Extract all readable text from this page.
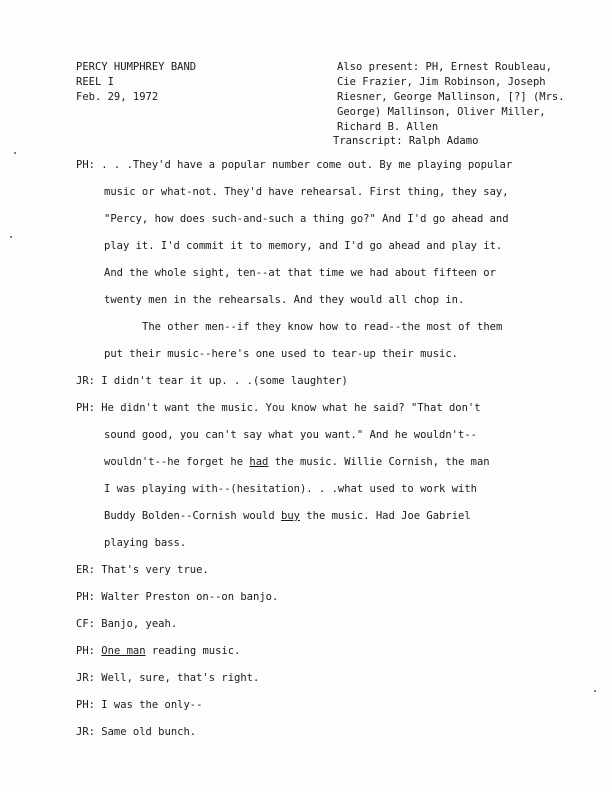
PERCY HUMPHREY BAND
REEL I
Feb. 29, 1972
Also present: PH, Ernest Roubleau,
Cie Frazier, Jim Robinson, Joseph
Riesner, George Mallinson, [?] (Mrs.
George) Mallinson, Oliver Miller,
Richard B. Allen
Transcript: Ralph Adamo
PH: . . .They'd have a popular number come out. By me playing popular
music or what-not. They'd have rehearsal. First thing, they say,
"Percy, how does such-and-such a thing go?" And I'd go ahead and
play it. I'd commit it to memory, and I'd go ahead and play it.
And the whole sight, ten--at that time we had about fifteen or
twenty men in the rehearsals. And they would all chop in.
The other men--if they know how to read--the most of them
put their music--here's one used to tear-up their music.
JR: I didn't tear it up. . .(some laughter)
PH: He didn't want the music. You know what he said? "That don't
sound good, you can't say what you want." And he wouldn't--
wouldn't--he forget he had the music. Willie Cornish, the man
I was playing with--(hesitation). . .what used to work with
Buddy Bolden--Cornish would buy the music. Had Joe Gabriel
playing bass.
ER: That's very true.
PH: Walter Preston on--on banjo.
CF: Banjo, yeah.
PH: One man reading music.
JR: Well, sure, that's right.
PH: I was the only--
JR: Same old bunch.
